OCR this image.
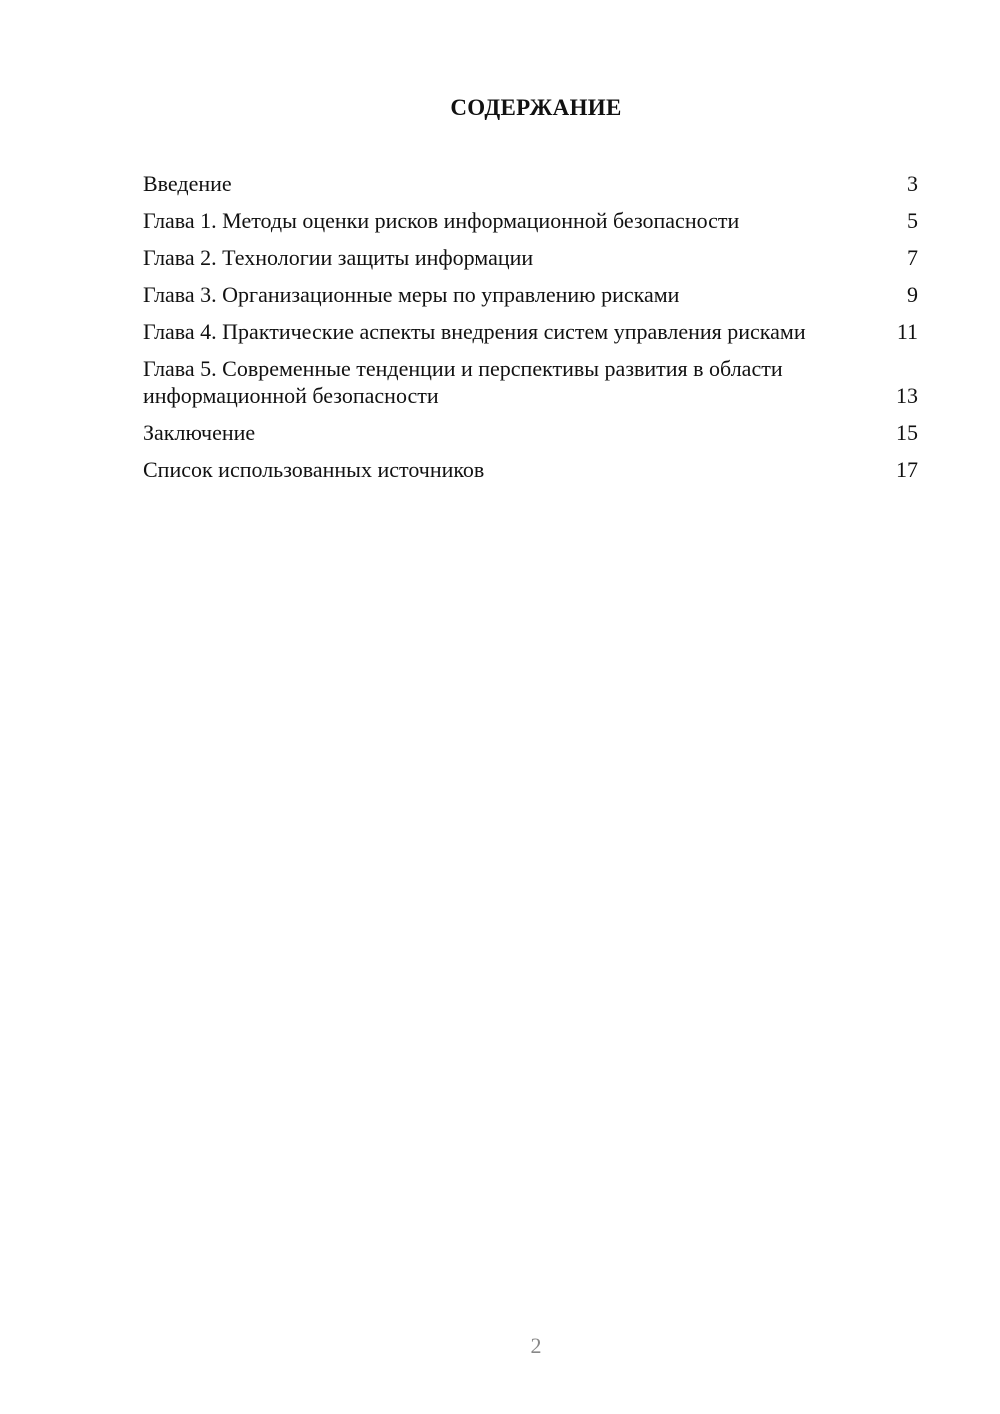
СОДЕРЖАНИЕ
Введение	3
Глава 1. Методы оценки рисков информационной безопасности	5
Глава 2. Технологии защиты информации	7
Глава 3. Организационные меры по управлению рисками	9
Глава 4. Практические аспекты внедрения систем управления рисками	11
Глава 5. Современные тенденции и перспективы развития в области информационной безопасности	13
Заключение	15
Список использованных источников	17
2
